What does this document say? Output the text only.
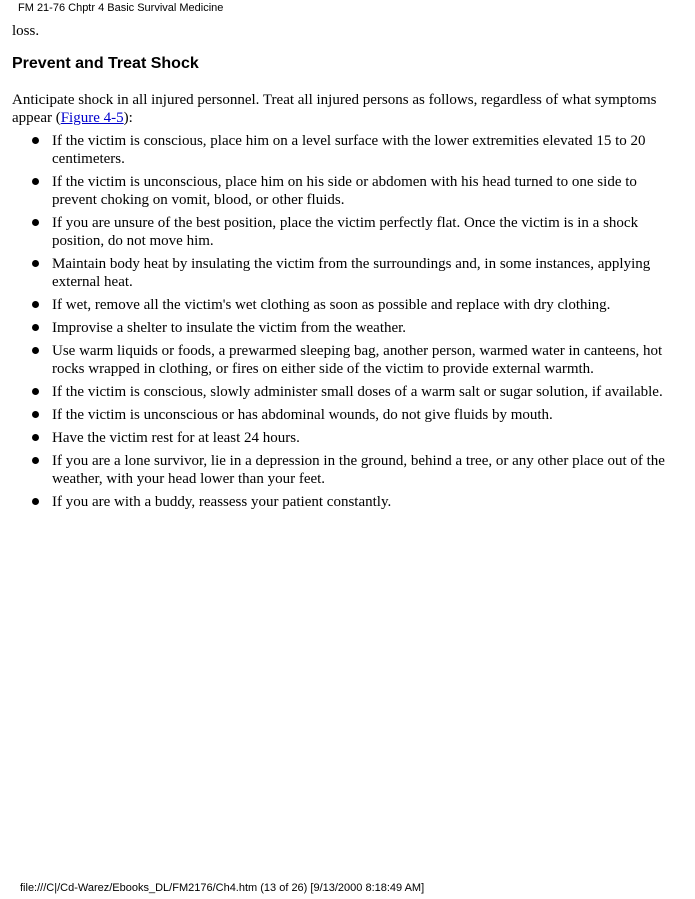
FM 21-76 Chptr 4 Basic Survival Medicine

loss.

Prevent and Treat Shock

Anticipate shock in all injured personnel. Treat all injured persons as follows, regardless of what symptoms appear (Figure 4-5):

If the victim is conscious, place him on a level surface with the lower extremities elevated 15 to 20 centimeters.
If the victim is unconscious, place him on his side or abdomen with his head turned to one side to prevent choking on vomit, blood, or other fluids.
If you are unsure of the best position, place the victim perfectly flat. Once the victim is in a shock position, do not move him.
Maintain body heat by insulating the victim from the surroundings and, in some instances, applying external heat.
If wet, remove all the victim's wet clothing as soon as possible and replace with dry clothing.
Improvise a shelter to insulate the victim from the weather.
Use warm liquids or foods, a prewarmed sleeping bag, another person, warmed water in canteens, hot rocks wrapped in clothing, or fires on either side of the victim to provide external warmth.
If the victim is conscious, slowly administer small doses of a warm salt or sugar solution, if available.
If the victim is unconscious or has abdominal wounds, do not give fluids by mouth.
Have the victim rest for at least 24 hours.
If you are a lone survivor, lie in a depression in the ground, behind a tree, or any other place out of the weather, with your head lower than your feet.
If you are with a buddy, reassess your patient constantly.
file:///C|/Cd-Warez/Ebooks_DL/FM2176/Ch4.htm (13 of 26) [9/13/2000 8:18:49 AM]
